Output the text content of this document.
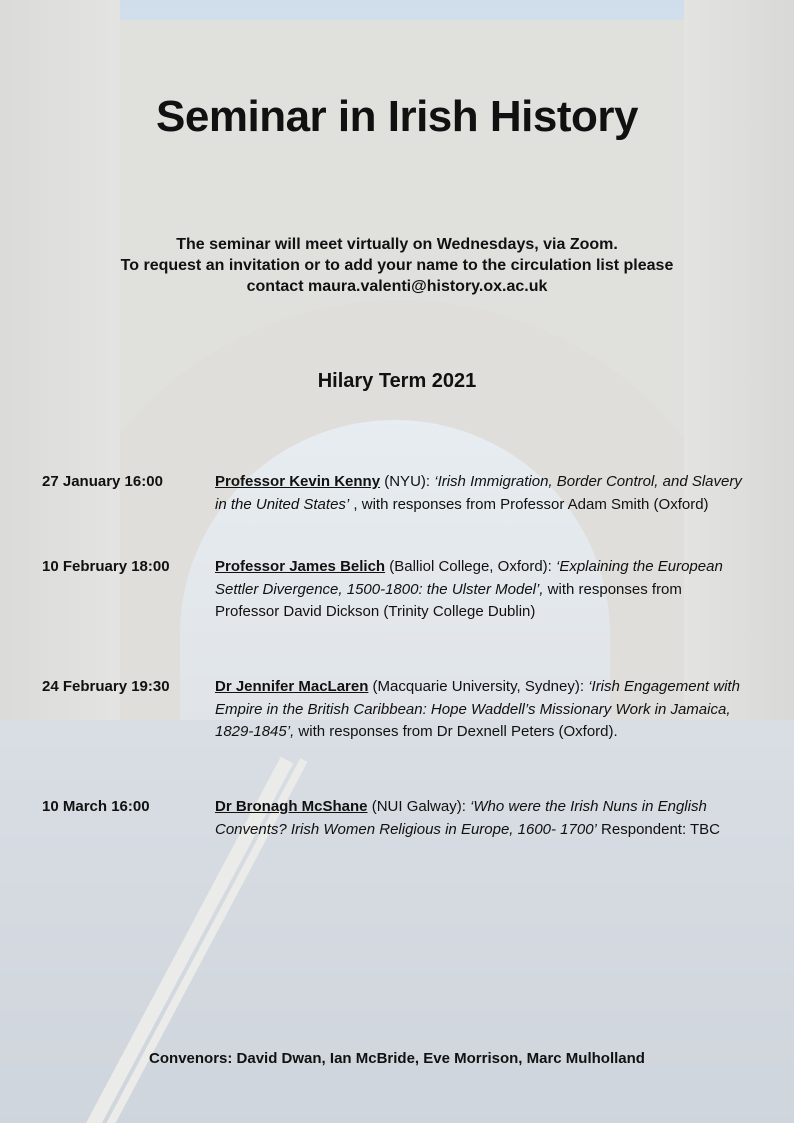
Seminar in Irish History
The seminar will meet virtually on Wednesdays, via Zoom.
To request an invitation or to add your name to the circulation list please
contact maura.valenti@history.ox.ac.uk
Hilary Term 2021
27 January 16:00	Professor Kevin Kenny (NYU): ‘Irish Immigration, Border Control, and Slavery in the United States’ , with responses from Professor Adam Smith (Oxford)
10 February 18:00	Professor James Belich (Balliol College, Oxford): ‘Explaining the European Settler Divergence, 1500-1800: the Ulster Model’, with responses from Professor David Dickson (Trinity College Dublin)
24 February 19:30	Dr Jennifer MacLaren (Macquarie University, Sydney): ‘Irish Engagement with Empire in the British Caribbean: Hope Waddell’s Missionary Work in Jamaica, 1829-1845’, with responses from Dr Dexnell Peters (Oxford).
10 March 16:00	Dr Bronagh McShane (NUI Galway): ‘Who were the Irish Nuns in English Convents? Irish Women Religious in Europe, 1600- 1700’ Respondent: TBC
Convenors: David Dwan, Ian McBride, Eve Morrison, Marc Mulholland
